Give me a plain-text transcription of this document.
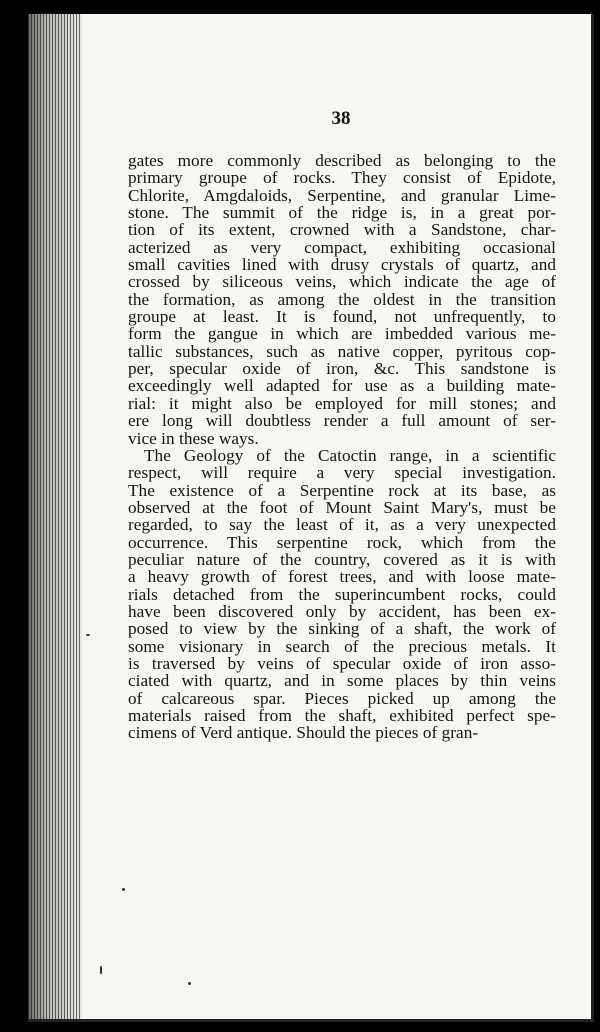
38
gates more commonly described as belonging to the
primary groupe of rocks. They consist of Epidote,
Chlorite, Amgdaloids, Serpentine, and granular Lime-
stone. The summit of the ridge is, in a great por-
tion of its extent, crowned with a Sandstone, char-
acterized as very compact, exhibiting occasional
small cavities lined with drusy crystals of quartz, and
crossed by siliceous veins, which indicate the age of
the formation, as among the oldest in the transition
groupe at least. It is found, not unfrequently, to
form the gangue in which are imbedded various me-
tallic substances, such as native copper, pyritous cop-
per, specular oxide of iron, &c. This sandstone is
exceedingly well adapted for use as a building mate-
rial: it might also be employed for mill stones; and
ere long will doubtless render a full amount of ser-
vice in these ways.
The Geology of the Catoctin range, in a scientific
respect, will require a very special investigation.
The existence of a Serpentine rock at its base, as
observed at the foot of Mount Saint Mary's, must be
regarded, to say the least of it, as a very unexpected
occurrence. This serpentine rock, which from the
peculiar nature of the country, covered as it is with
a heavy growth of forest trees, and with loose mate-
rials detached from the superincumbent rocks, could
have been discovered only by accident, has been ex-
posed to view by the sinking of a shaft, the work of
some visionary in search of the precious metals. It
is traversed by veins of specular oxide of iron asso-
ciated with quartz, and in some places by thin veins
of calcareous spar. Pieces picked up among the
materials raised from the shaft, exhibited perfect spe-
cimens of Verd antique. Should the pieces of gran-
